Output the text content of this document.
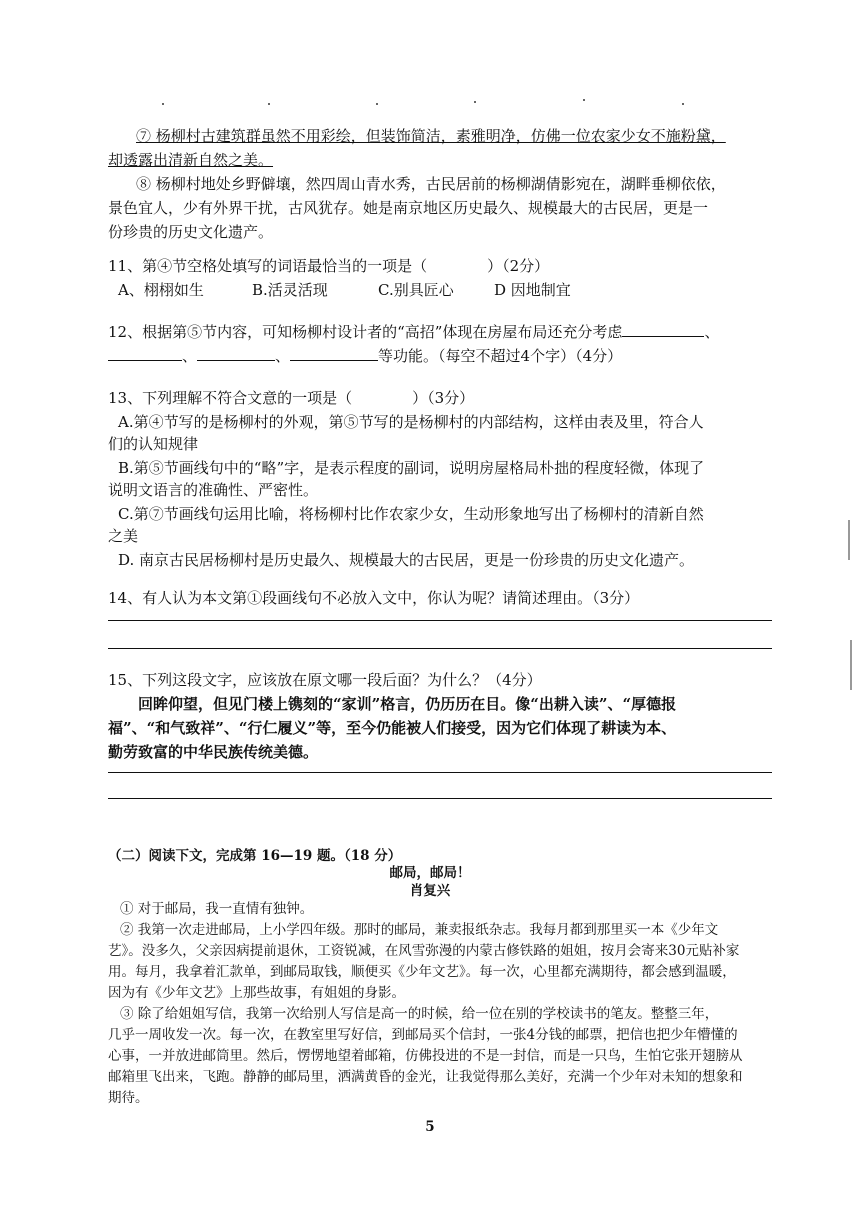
⑦ 杨柳村古建筑群虽然不用彩绘，但装饰简洁，素雅明净，仿佛一位农家少女不施粉黛，
却透露出清新自然之美。
⑧ 杨柳村地处乡野僻壤，然四周山青水秀，古民居前的杨柳湖倩影宛在，湖畔垂柳依依，
景色宜人，少有外界干扰，古风犹存。她是南京地区历史最久、规模最大的古民居，更是一
份珍贵的历史文化遗产。
11、第④节空格处填写的词语最恰当的一项是（　　　　）（2分）
A、栩栩如生	B.活灵活现	C.别具匠心	D 因地制宜
12、根据第⑤节内容，可知杨柳村设计者的“高招”体现在房屋布局还充分考虑	、
、	、	等功能。（每空不超过4个字）（4分）
13、下列理解不符合文意的一项是（　　　　）（3分）
A.第④节写的是杨柳村的外观，第⑤节写的是杨柳村的内部结构，这样由表及里，符合人
们的认知规律
B.第⑤节画线句中的“略”字，是表示程度的副词，说明房屋格局朴拙的程度轻微，体现了
说明文语言的准确性、严密性。
C.第⑦节画线句运用比喻，将杨柳村比作农家少女，生动形象地写出了杨柳村的清新自然
之美
D. 南京古民居杨柳村是历史最久、规模最大的古民居，更是一份珍贵的历史文化遗产。
14、有人认为本文第①段画线句不必放入文中，你认为呢？请简述理由。（3分）
15、下列这段文字，应该放在原文哪一段后面？为什么？（4分）
回眸仰望，但见门楼上镌刻的“家训”格言，仍历历在目。像“出耕入读”、“厚德报
福”、“和气致祥”、“行仁履义”等，至今仍能被人们接受，因为它们体现了耕读为本、
勤劳致富的中华民族传统美德。
（二）阅读下文，完成第 16—19 题。（18 分）
邮局，邮局！
肖复兴
① 对于邮局，我一直情有独钟。
② 我第一次走进邮局，上小学四年级。那时的邮局，兼卖报纸杂志。我每月都到那里买一本《少年文
艺》。没多久，父亲因病提前退休，工资锐减，在风雪弥漫的内蒙古修铁路的姐姐，按月会寄来30元贴补家
用。每月，我拿着汇款单，到邮局取钱，顺便买《少年文艺》。每一次，心里都充满期待，都会感到温暖，
因为有《少年文艺》上那些故事，有姐姐的身影。
③ 除了给姐姐写信，我第一次给别人写信是高一的时候，给一位在别的学校读书的笔友。整整三年，
几乎一周收发一次。每一次，在教室里写好信，到邮局买个信封，一张4分钱的邮票，把信也把少年懵懂的
心事，一并放进邮筒里。然后，愣愣地望着邮箱，仿佛投进的不是一封信，而是一只鸟，生怕它张开翅膀从
邮箱里飞出来，飞跑。静静的邮局里，洒满黄昏的金光，让我觉得那么美好，充满一个少年对未知的想象和
期待。
5
